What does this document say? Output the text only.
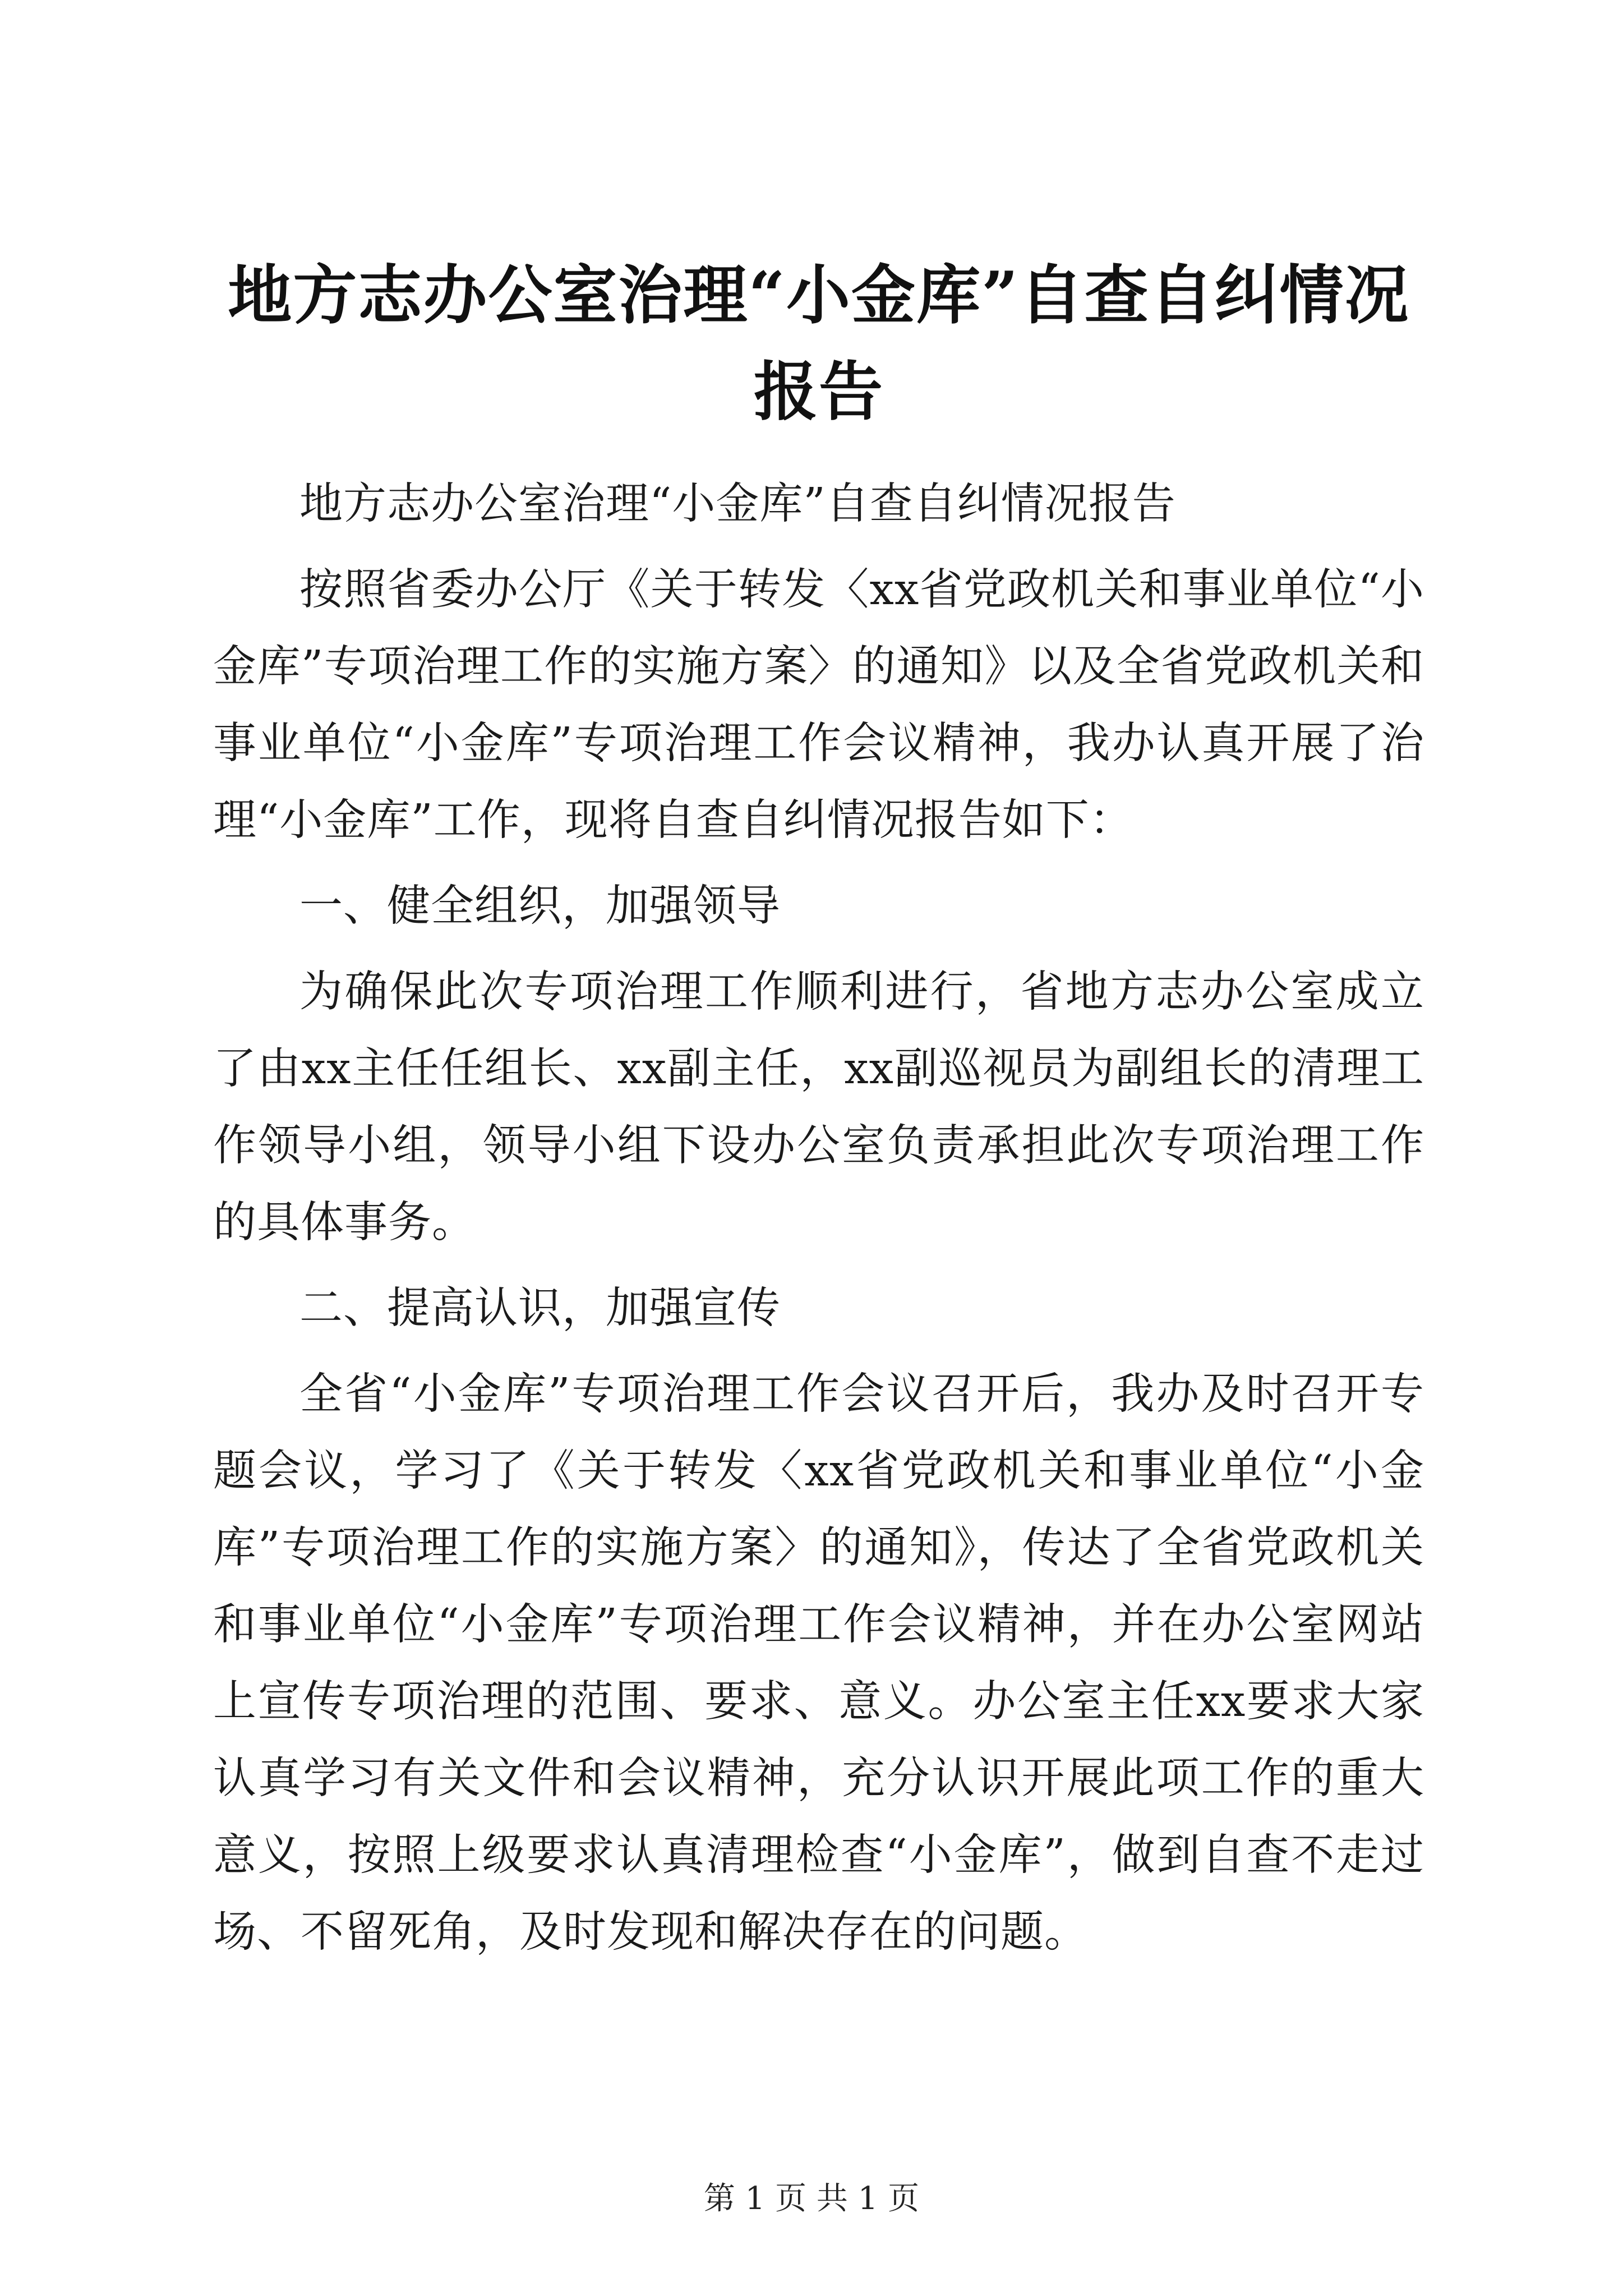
地方志办公室治理“小金库”自查自纠情况报告

地方志办公室治理“小金库”自查自纠情况报告

按照省委办公厅《关于转发〈xx省党政机关和事业单位“小金库”专项治理工作的实施方案〉的通知》以及全省党政机关和事业单位“小金库”专项治理工作会议精神，我办认真开展了治理“小金库”工作，现将自查自纠情况报告如下：

一、健全组织，加强领导

为确保此次专项治理工作顺利进行，省地方志办公室成立了由xx主任任组长、xx副主任，xx副巡视员为副组长的清理工作领导小组，领导小组下设办公室负责承担此次专项治理工作的具体事务。

二、提高认识，加强宣传

全省“小金库”专项治理工作会议召开后，我办及时召开专题会议，学习了《关于转发〈xx省党政机关和事业单位“小金库”专项治理工作的实施方案〉的通知》，传达了全省党政机关和事业单位“小金库”专项治理工作会议精神，并在办公室网站上宣传专项治理的范围、要求、意义。办公室主任xx要求大家认真学习有关文件和会议精神，充分认识开展此项工作的重大意义，按照上级要求认真清理检查“小金库”，做到自查不走过场、不留死角，及时发现和解决存在的问题。

第 1 页 共 1 页
